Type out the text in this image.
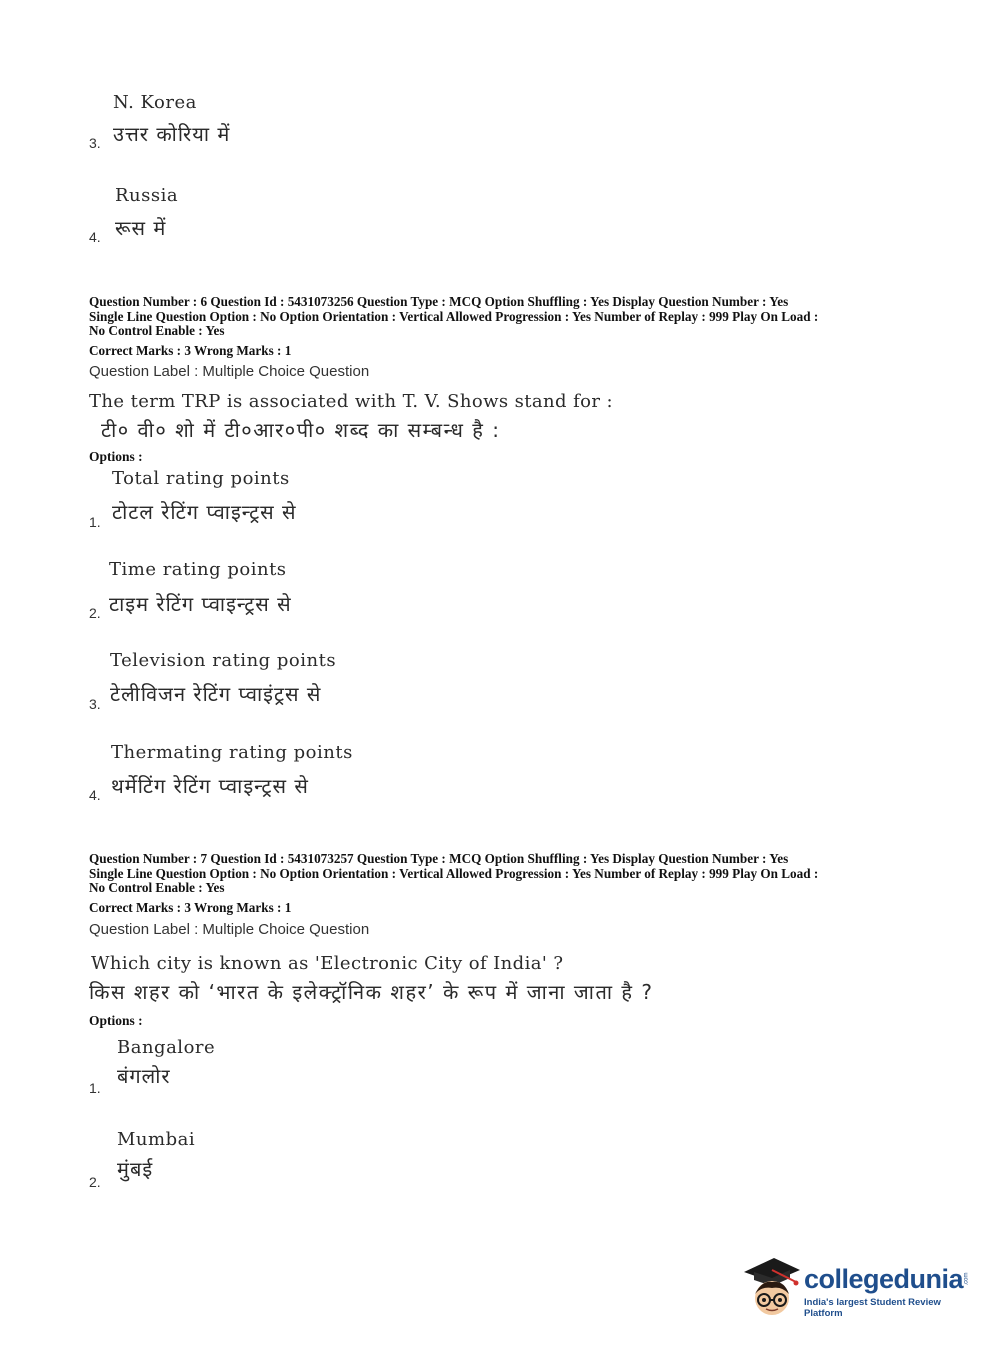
N. Korea
3. उत्तर कोरिया में
Russia
4. रूस में
Question Number : 6 Question Id : 5431073256 Question Type : MCQ Option Shuffling : Yes Display Question Number : Yes
Single Line Question Option : No Option Orientation : Vertical Allowed Progression : Yes Number of Replay : 999 Play On Load :
No Control Enable : Yes
Correct Marks : 3 Wrong Marks : 1
Question Label : Multiple Choice Question
The term TRP is associated with T. V. Shows stand for :
टी० वी० शो में टी०आर०पी० शब्द का सम्बन्ध है :
Options :
Total rating points
1. टोटल रेटिंग प्वाइन्ट्रस से
Time rating points
2. टाइम रेटिंग प्वाइन्ट्रस से
Television rating points
3. टेलीविजन रेटिंग प्वाइंट्रस से
Thermating rating points
4. थर्मेटिंग रेटिंग प्वाइन्ट्रस से
Question Number : 7 Question Id : 5431073257 Question Type : MCQ Option Shuffling : Yes Display Question Number : Yes
Single Line Question Option : No Option Orientation : Vertical Allowed Progression : Yes Number of Replay : 999 Play On Load :
No Control Enable : Yes
Correct Marks : 3 Wrong Marks : 1
Question Label : Multiple Choice Question
Which city is known as 'Electronic City of India' ?
किस शहर को ‘भारत के इलेक्ट्रॉनिक शहर’ के रूप में जाना जाता है ?
Options :
Bangalore
1. बंगलोर
Mumbai
2.
मुंबई
collegedunia .com
India's largest Student Review Platform
